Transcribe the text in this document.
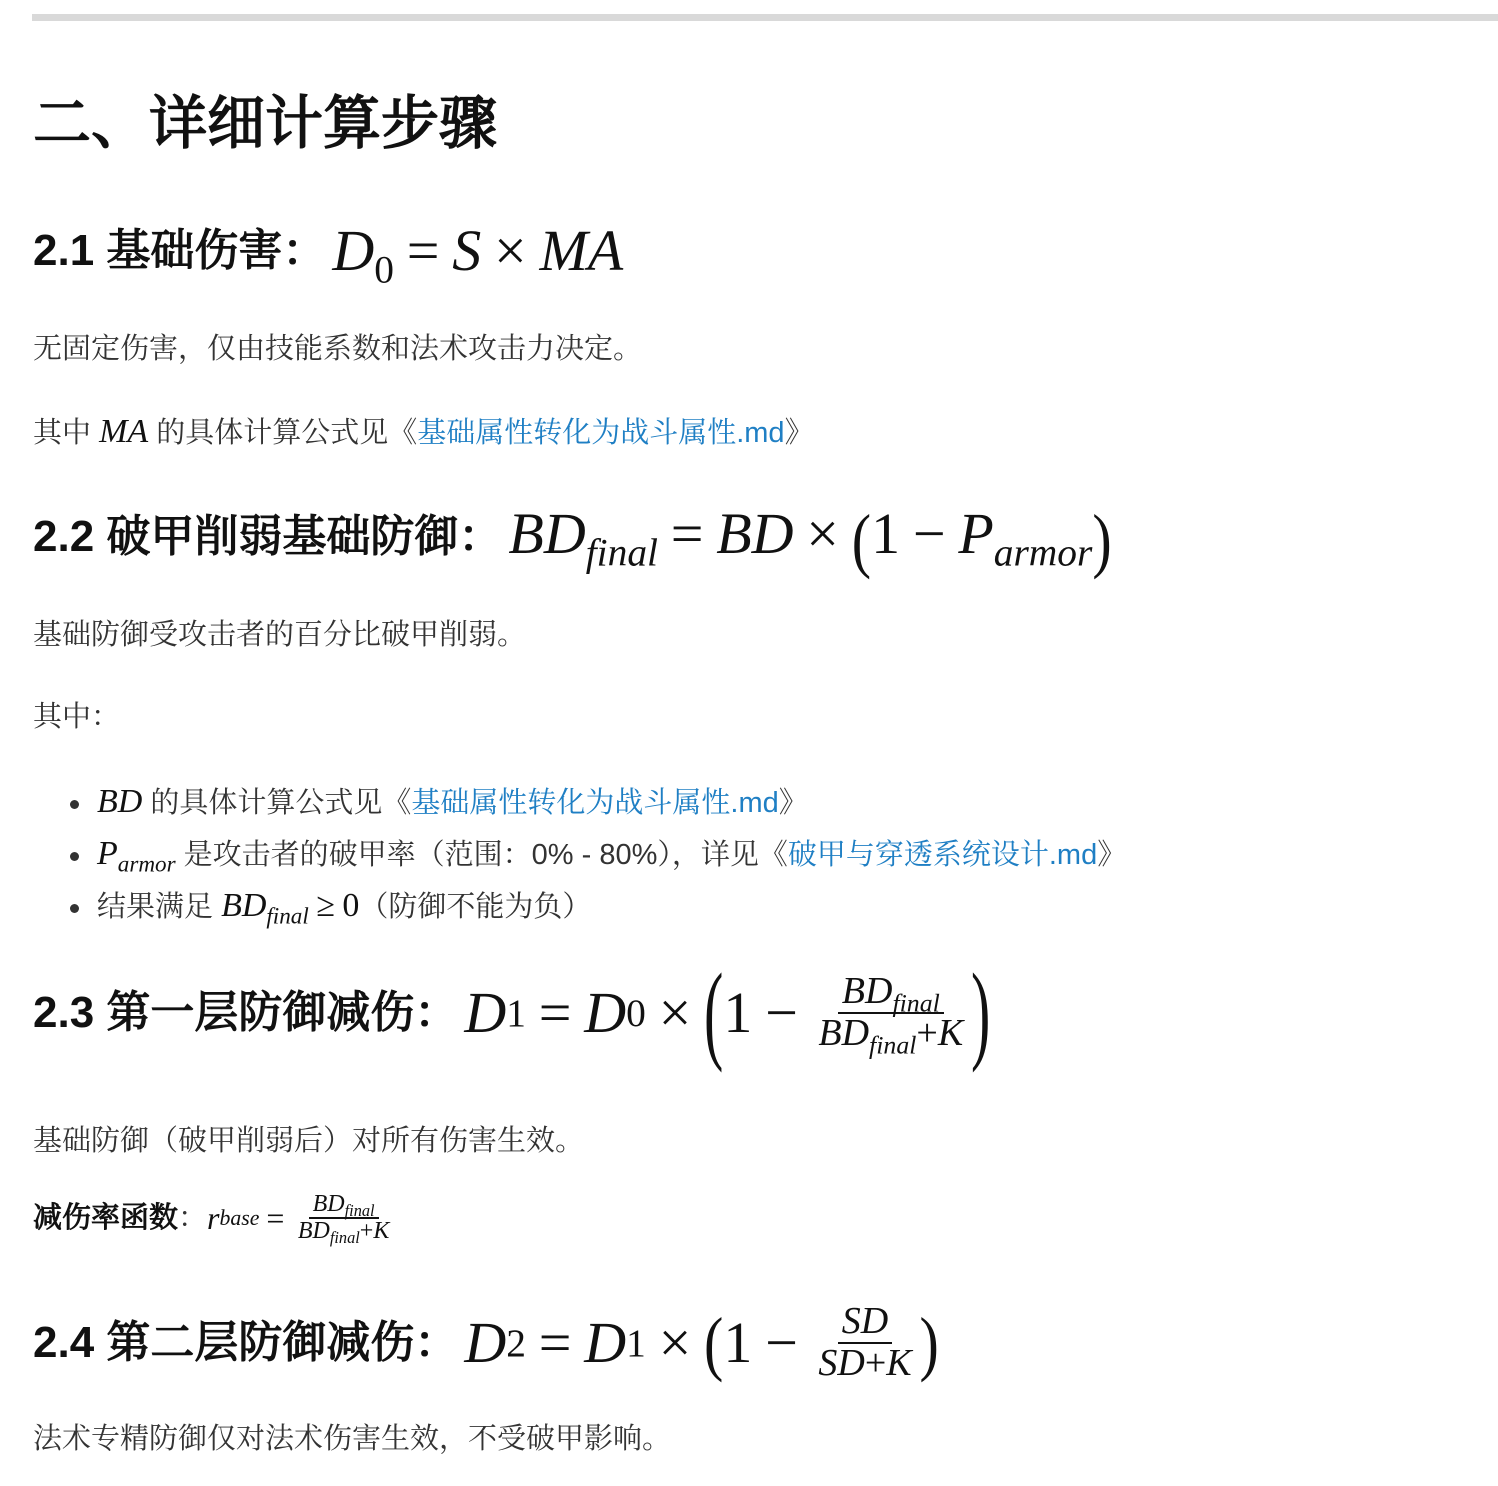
二、详细计算步骤
2.1 基础伤害： $D_0 = S$ × MA

无固定伤害，仅由技能系数和法术攻击力决定。

其中 MA 的具体计算公式见《基础属性转化为战斗属性.md》

2.2 破甲削弱基础防御： $BD_{final}$ = BD × $(1 - P_{armor})$

基础防御受攻击者的百分比破甲削弱。

其中：

BD 的具体计算公式见《基础属性转化为战斗属性.md》
$P_{armor}$ 是攻击者的破甲率（范围：0% - 80%），详见《破甲与穿透系统设计.md》
结果满足 $BD_{final} \ge 0$（防御不能为负）
2.3 第一层防御减伤： D 1 = D 0 × ( $1 - \frac{BD_{final}}{BD_{final}+K}$ )

基础防御（破甲削弱后）对所有伤害生效。

减伤率函数 ： r base = $\frac{BD_{final}}{BD_{final}+K}$

2.4 第二层防御减伤： D 2 = D 1 × ( $1 - \frac{SD}{SD+K}$ )

法术专精防御仅对法术伤害生效，不受破甲影响。
